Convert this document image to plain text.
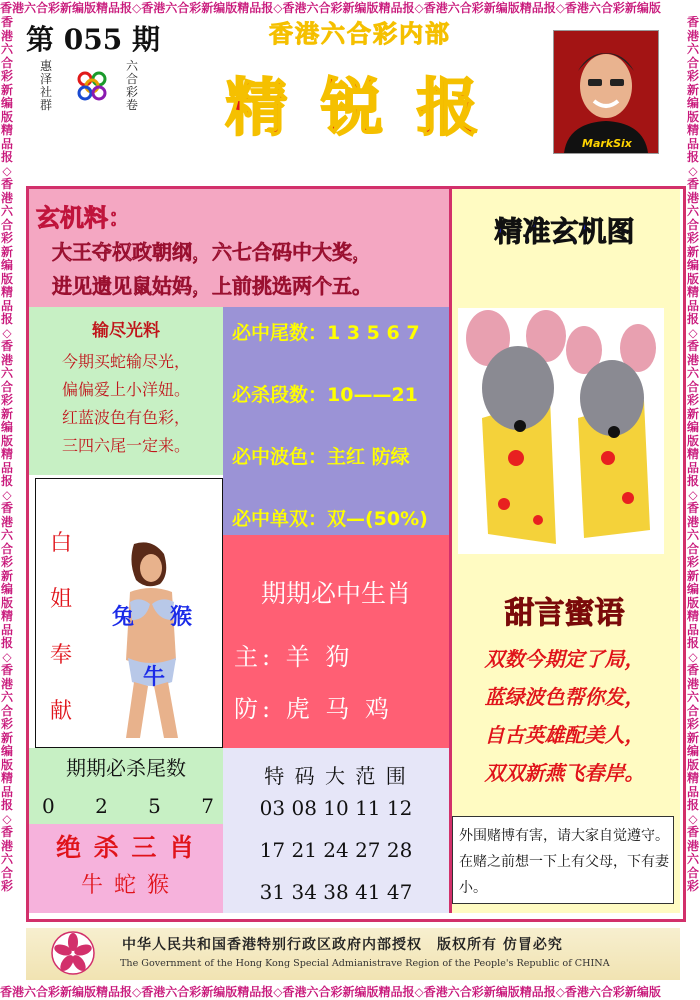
香港六合彩新编版精品报◇香港六合彩新编版精品报◇香港六合彩新编版精品报◇香港六合彩新编版精品报◇香港六合彩新编版
香港六合彩新编版精品报◇香港六合彩新编版精品报◇香港六合彩新编版精品报◇香港六合彩新编版精品报◇香港六合彩新编版
香港六合彩新编版精品报◇香港六合彩新编版精品报◇香港六合彩新编版精品报◇香港六合彩新编版精品报◇香港六合彩新编版精品报◇香港六合彩
香港六合彩新编版精品报◇香港六合彩新编版精品报◇香港六合彩新编版精品报◇香港六合彩新编版精品报◇香港六合彩新编版精品报◇香港六合彩
第 055 期
惠泽社群
六合彩卷
香港六合彩内部
精 锐 报	MarkSix
玄机料：
大王夺权政朝纲，六七合码中大奖，
进见遗见鼠姑妈，上前挑选两个五。
输尽光料
今期买蛇输尽光，
偏偏爱上小洋妞。
红蓝波色有色彩，
三四六尾一定来。
必中尾数：1 3 5 6 7
必杀段数：10——21
必中波色：主红 防绿
必中单双：双—(50%)
白
姐
奉
献
兔 猴
牛
期期必中生肖
主: 羊 狗
防: 虎 马 鸡
期期必杀尾数
0 2 5 7
绝 杀 三 肖
牛 蛇 猴
特 码 大 范 围
03 08 10 11 12
17 21 24 27 28
31 34 38 41 47
精准玄机图
甜言蜜语
双数今期定了局，
蓝绿波色帮你发，
自古英雄配美人，
双双新燕飞春岸。
外围赌博有害，请大家自觉遵守。在赌之前想一下上有父母，下有妻小。
中华人民共和国香港特别行政区政府内部授权　版权所有 仿冒必究
The Government of the Hong Kong Special Admianistrave Region of the People's Republic of CHINA
